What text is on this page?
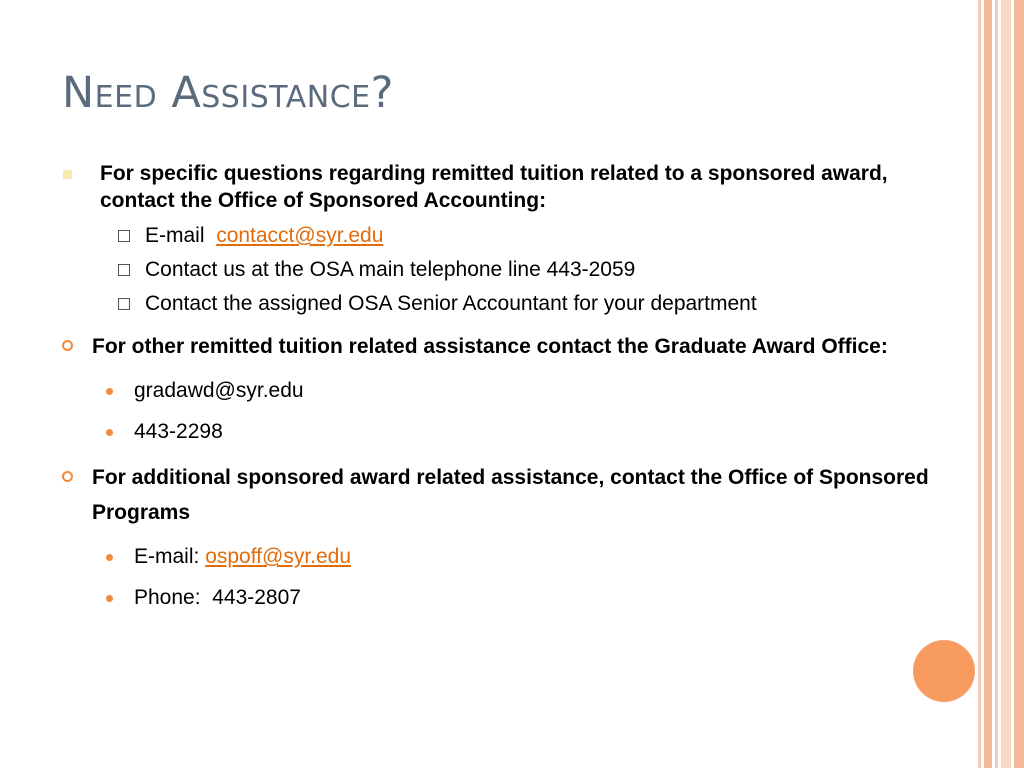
Need Assistance?
For specific questions regarding remitted tuition related to a sponsored award, contact the Office of Sponsored Accounting:
E-mail contacct@syr.edu
Contact us at the OSA main telephone line 443-2059
Contact the assigned OSA Senior Accountant for your department
For other remitted tuition related assistance contact the Graduate Award Office:
gradawd@syr.edu
443-2298
For additional sponsored award related assistance, contact the Office of Sponsored Programs
E-mail: ospoff@syr.edu
Phone:  443-2807
